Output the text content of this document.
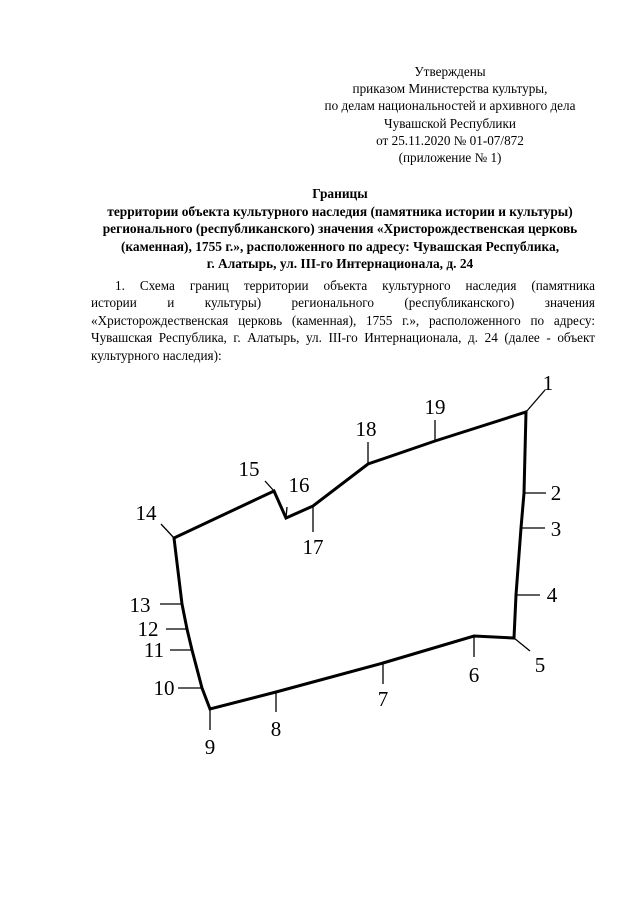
Утверждены
приказом Министерства культуры,
по делам национальностей и архивного дела
Чувашской Республики
от 25.11.2020 № 01-07/872
(приложение № 1)
Границы
территории объекта культурного наследия (памятника истории и культуры)
регионального (республиканского) значения «Христорождественская церковь
(каменная), 1755 г.», расположенного по адресу: Чувашская Республика,
г. Алатырь, ул. III-го Интернационала, д. 24
1. Схема границ территории объекта культурного наследия (памятника
истории и культуры) регионального (республиканского) значения
«Христорождественская церковь (каменная), 1755 г.», расположенного по адресу:
Чувашская Республика, г. Алатырь, ул. III-го Интернационала, д. 24 (далее - объект
культурного наследия):
1
2
3
4
5
6
7
8
9
10
11
12
13
14
15
16
17
18
19
